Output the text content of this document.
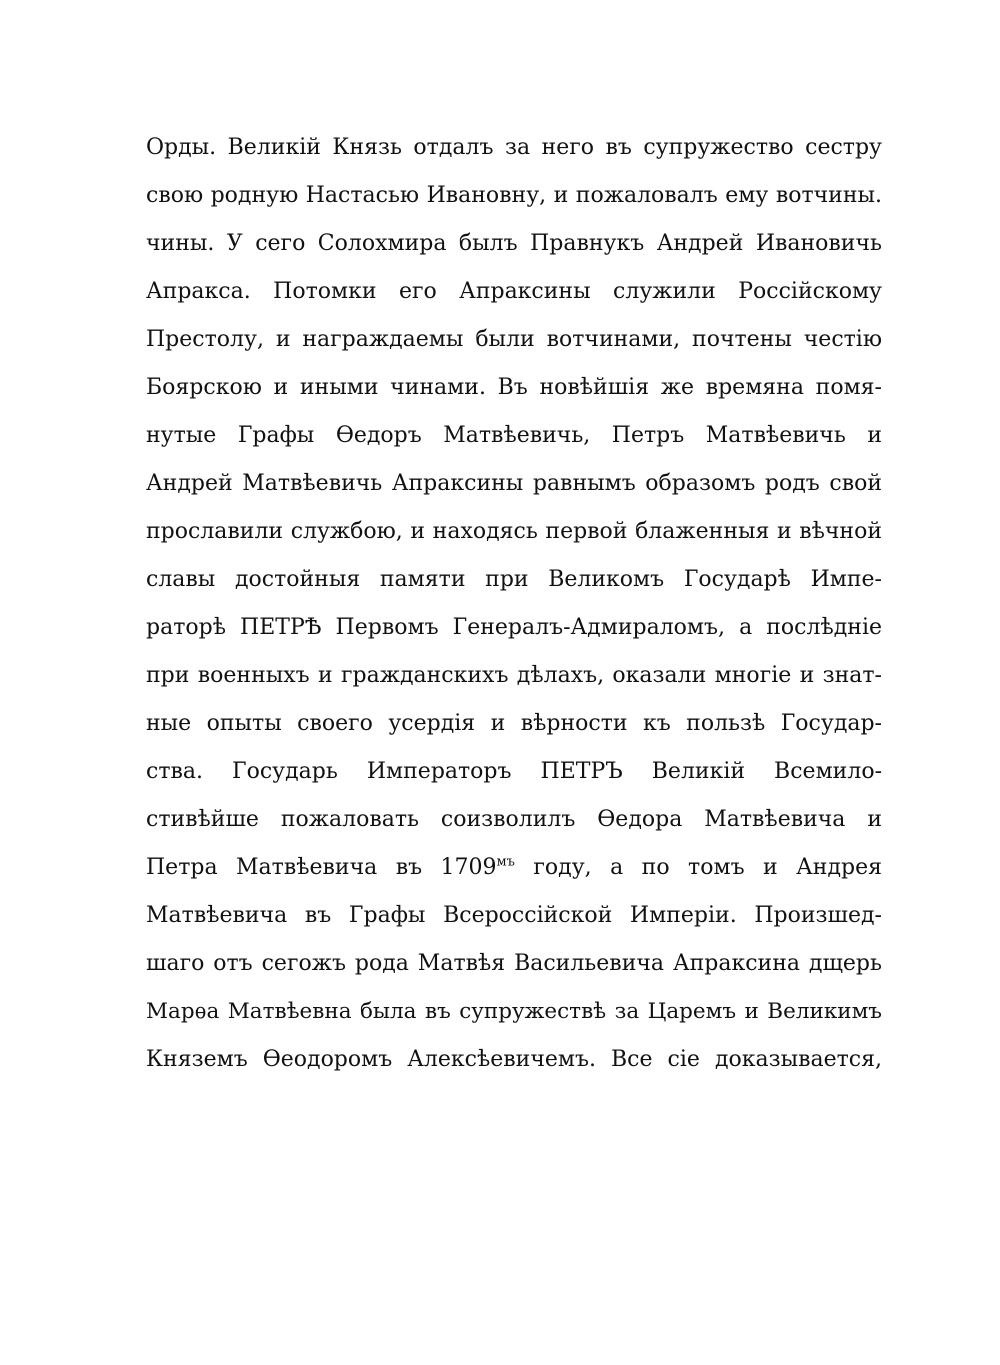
Орды. Великій Князь отдалъ за него въ супружество сестру
свою родную Настасью Ивановну, и пожаловалъ ему вотчины.
чины. У сего Солохмира былъ Правнукъ Андрей Ивановичь
Апракса. Потомки его Апраксины служили Россійскому
Престолу, и награждаемы были вотчинами, почтены честію
Боярскою и иными чинами. Въ новѣйшія же времяна помя-
нутые Графы Ѳедоръ Матвѣевичь, Петръ Матвѣевичь и
Андрей Матвѣевичь Апраксины равнымъ образомъ родъ свой
прославили службою, и находясь первой блаженныя и вѣчной
славы достойныя памяти при Великомъ Государѣ Импе-
раторѣ ПЕТРѢ Первомъ Генералъ-Адмираломъ, а послѣдніе
при военныхъ и гражданскихъ дѣлахъ, оказали многіе и знат-
ные опыты своего усердія и вѣрности къ пользѣ Государ-
ства. Государь Императоръ ПЕТРЪ Великій Всемило-
стивѣйше пожаловать соизволилъ Ѳедора Матвѣевича и
Петра Матвѣевича въ $1709^{мъ}$ году, а по томъ и Андрея
Матвѣевича въ Графы Всероссійской Имперіи. Произшед-
шаго отъ сегожъ рода Матвѣя Васильевича Апраксина дщерь
Марѳа Матвѣевна была въ супружествѣ за Царемъ и Великимъ
Княземъ Ѳеодоромъ Алексѣевичемъ. Все сіе доказывается,
